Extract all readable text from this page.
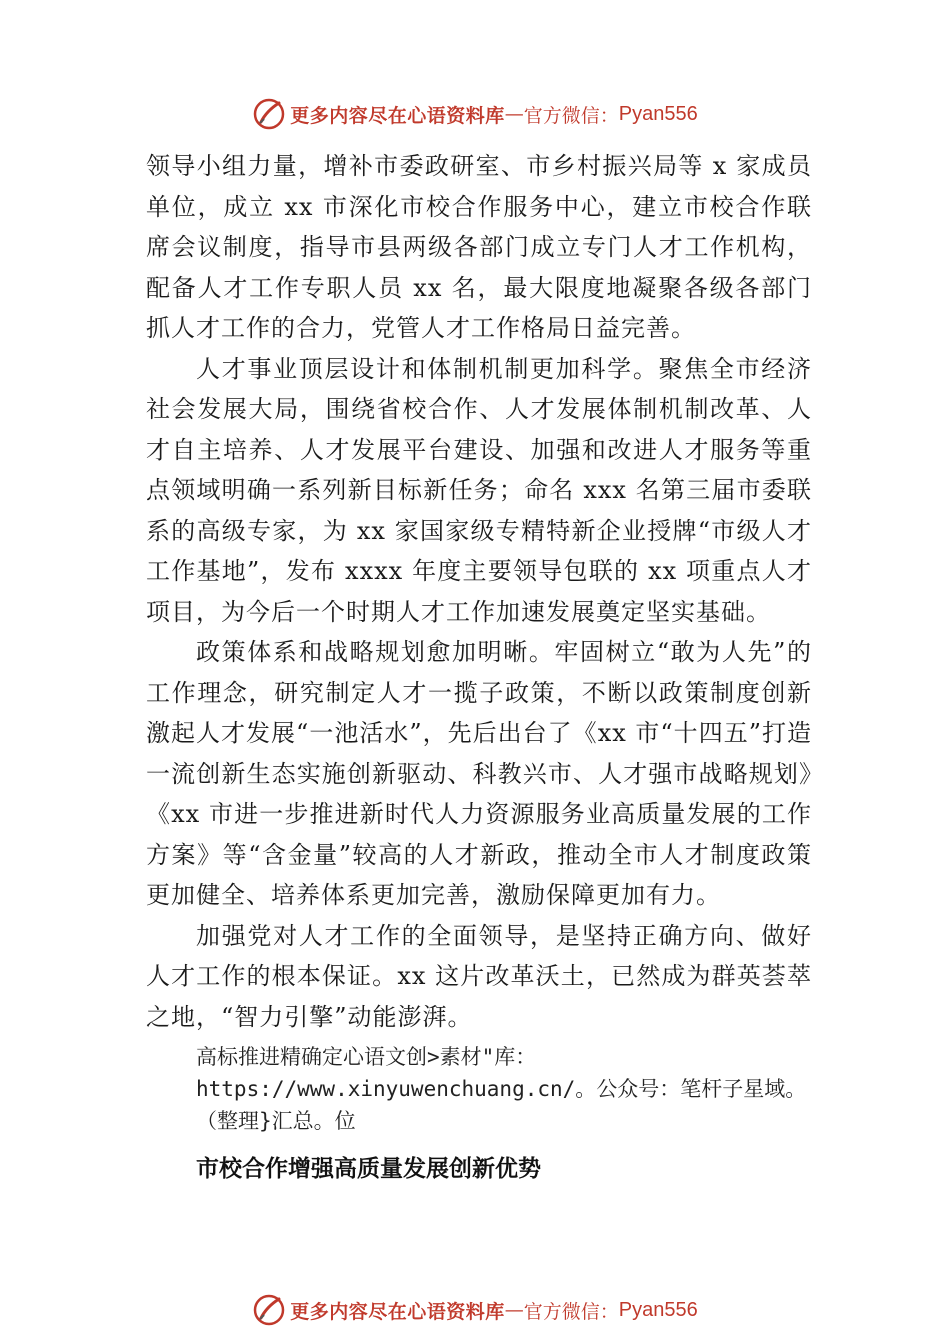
更多内容尽在心语资料库 — 官方微信： Pyan556

领导小组力量，增补市委政研室、市乡村振兴局等 x 家成员单位，成立 xx 市深化市校合作服务中心，建立市校合作联席会议制度，指导市县两级各部门成立专门人才工作机构，配备人才工作专职人员 xx 名，最大限度地凝聚各级各部门抓人才工作的合力，党管人才工作格局日益完善。

人才事业顶层设计和体制机制更加科学。聚焦全市经济社会发展大局，围绕省校合作、人才发展体制机制改革、人才自主培养、人才发展平台建设、加强和改进人才服务等重点领域明确一系列新目标新任务；命名 xxx 名第三届市委联系的高级专家，为 xx 家国家级专精特新企业授牌“市级人才工作基地”，发布 xxxx 年度主要领导包联的 xx 项重点人才项目，为今后一个时期人才工作加速发展奠定坚实基础。

政策体系和战略规划愈加明晰。牢固树立“敢为人先”的工作理念，研究制定人才一揽子政策，不断以政策制度创新激起人才发展“一池活水”，先后出台了《xx 市“十四五”打造一流创新生态实施创新驱动、科教兴市、人才强市战略规划》《xx 市进一步推进新时代人力资源服务业高质量发展的工作方案》等“含金量”较高的人才新政，推动全市人才制度政策更加健全、培养体系更加完善，激励保障更加有力。

加强党对人才工作的全面领导，是坚持正确方向、做好人才工作的根本保证。xx 这片改革沃土，已然成为群英荟萃之地，“智力引擎”动能澎湃。

高标推进精确定心语文创>素材"库：https://www.xinyuwenchuang.cn/。公众号：笔杆子星域。（整理}汇总。位

市校合作增强高质量发展创新优势

更多内容尽在心语资料库 — 官方微信： Pyan556
